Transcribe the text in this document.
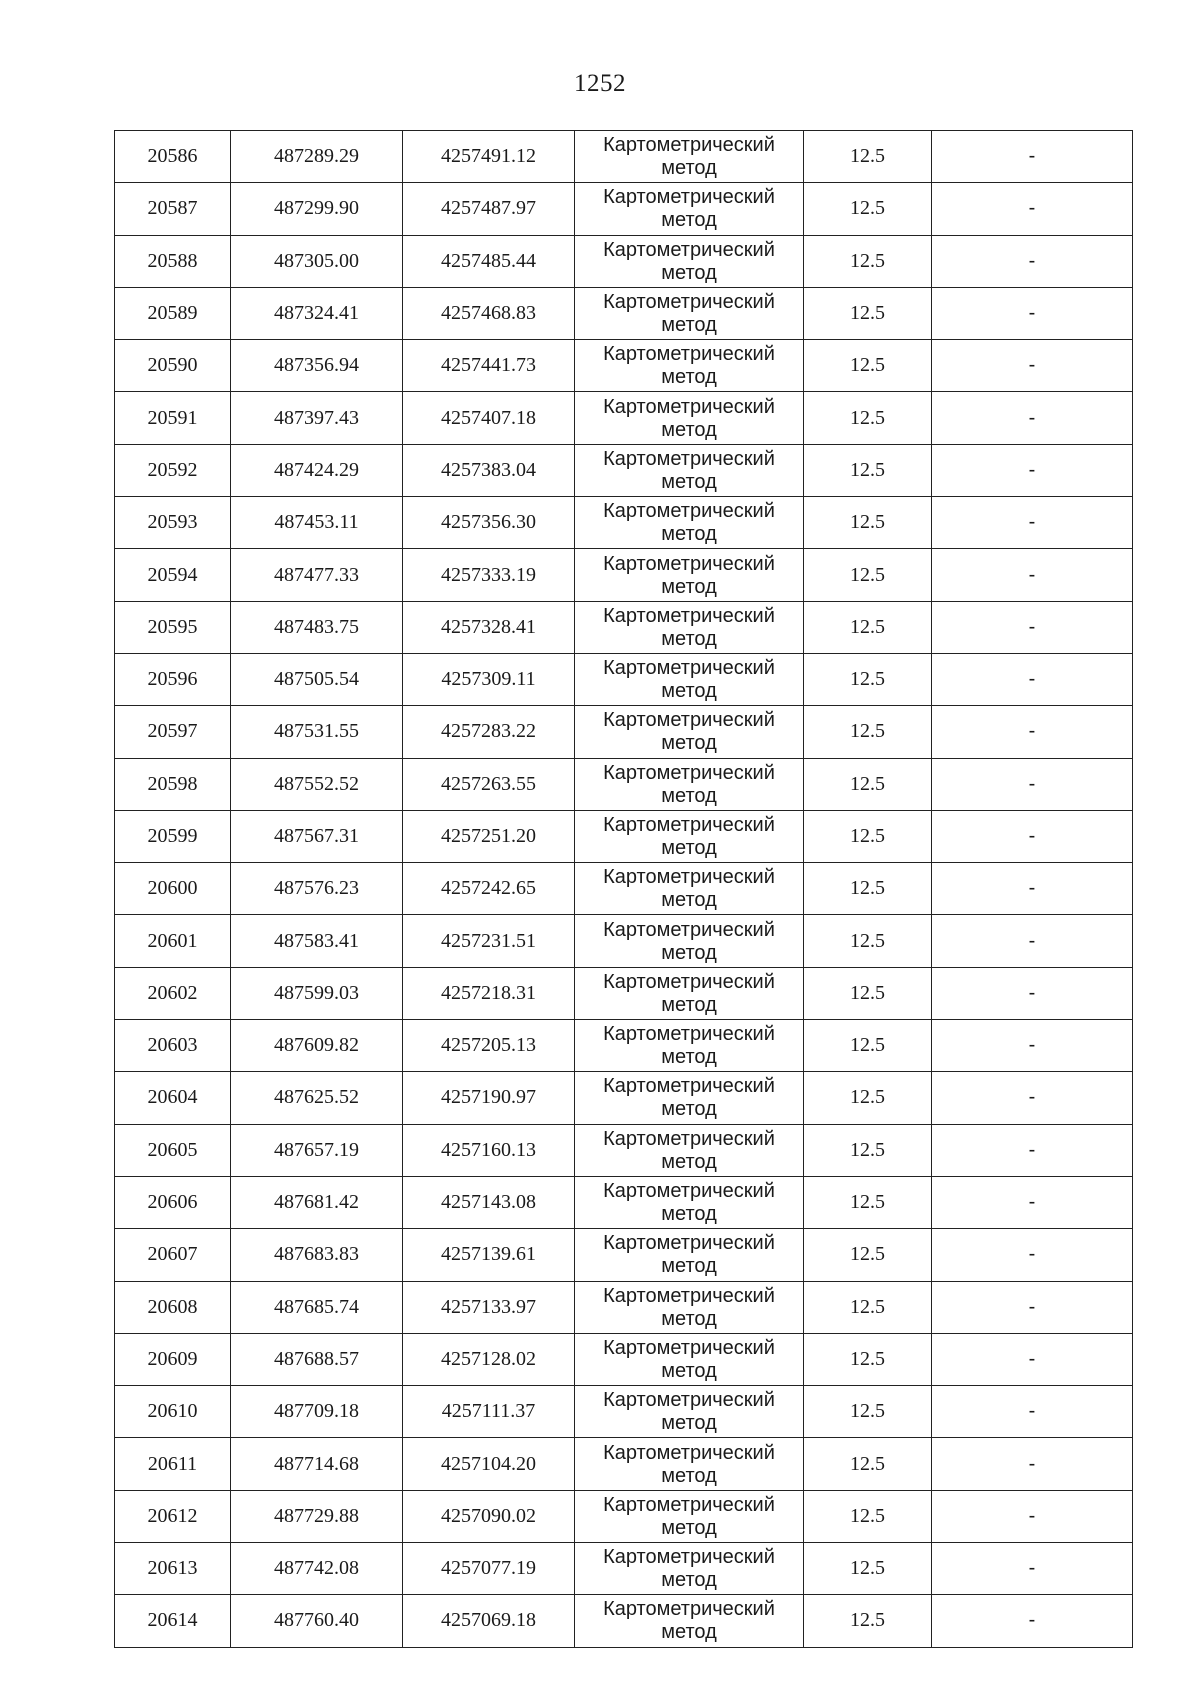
1252
20586	487289.29	4257491.12	Картометрический
метод	12.5	-
20587	487299.90	4257487.97	Картометрический
метод	12.5	-
20588	487305.00	4257485.44	Картометрический
метод	12.5	-
20589	487324.41	4257468.83	Картометрический
метод	12.5	-
20590	487356.94	4257441.73	Картометрический
метод	12.5	-
20591	487397.43	4257407.18	Картометрический
метод	12.5	-
20592	487424.29	4257383.04	Картометрический
метод	12.5	-
20593	487453.11	4257356.30	Картометрический
метод	12.5	-
20594	487477.33	4257333.19	Картометрический
метод	12.5	-
20595	487483.75	4257328.41	Картометрический
метод	12.5	-
20596	487505.54	4257309.11	Картометрический
метод	12.5	-
20597	487531.55	4257283.22	Картометрический
метод	12.5	-
20598	487552.52	4257263.55	Картометрический
метод	12.5	-
20599	487567.31	4257251.20	Картометрический
метод	12.5	-
20600	487576.23	4257242.65	Картометрический
метод	12.5	-
20601	487583.41	4257231.51	Картометрический
метод	12.5	-
20602	487599.03	4257218.31	Картометрический
метод	12.5	-
20603	487609.82	4257205.13	Картометрический
метод	12.5	-
20604	487625.52	4257190.97	Картометрический
метод	12.5	-
20605	487657.19	4257160.13	Картометрический
метод	12.5	-
20606	487681.42	4257143.08	Картометрический
метод	12.5	-
20607	487683.83	4257139.61	Картометрический
метод	12.5	-
20608	487685.74	4257133.97	Картометрический
метод	12.5	-
20609	487688.57	4257128.02	Картометрический
метод	12.5	-
20610	487709.18	4257111.37	Картометрический
метод	12.5	-
20611	487714.68	4257104.20	Картометрический
метод	12.5	-
20612	487729.88	4257090.02	Картометрический
метод	12.5	-
20613	487742.08	4257077.19	Картометрический
метод	12.5	-
20614	487760.40	4257069.18	Картометрический
метод	12.5	-
